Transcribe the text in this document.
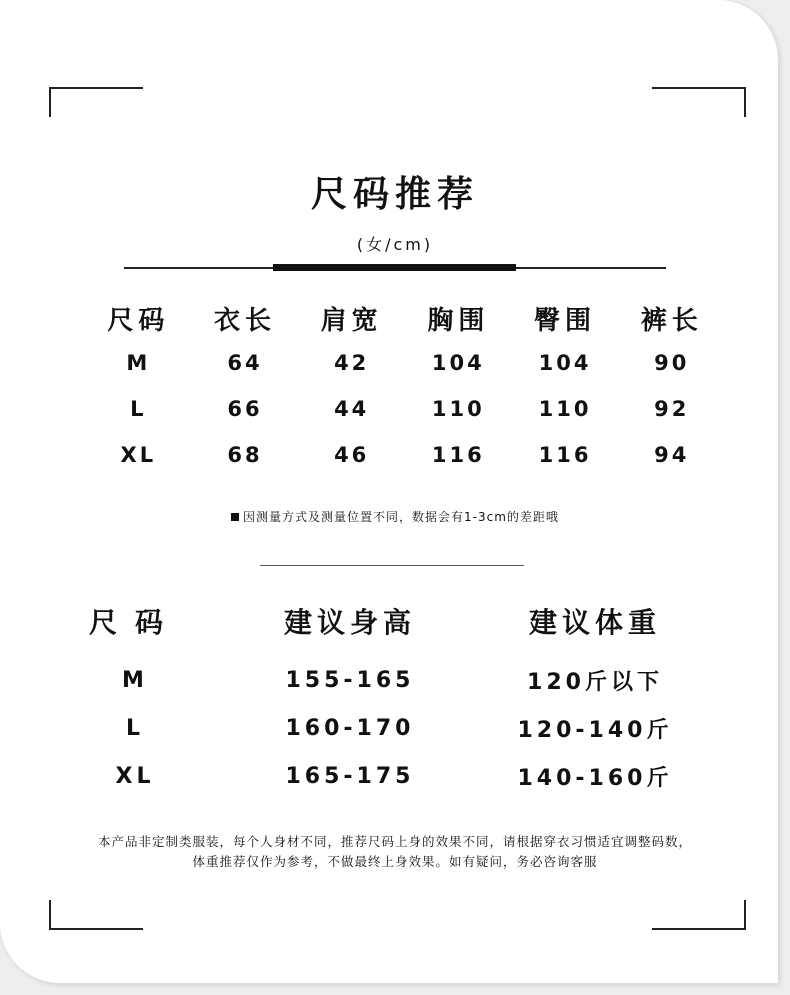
尺码推荐
(女/cm)
尺码	衣长	肩宽	胸围	臀围	裤长
M	64	42	104	104	90
L	66	44	110	110	92
XL	68	46	116	116	94
因测量方式及测量位置不同，数据会有1-3cm的差距哦
尺码	建议身高	建议体重
M	155-165	120斤以下
L	160-170	120-140斤
XL	165-175	140-160斤
本产品非定制类服装，每个人身材不同，推荐尺码上身的效果不同，请根据穿衣习惯适宜调整码数，
体重推荐仅作为参考，不做最终上身效果。如有疑问，务必咨询客服
